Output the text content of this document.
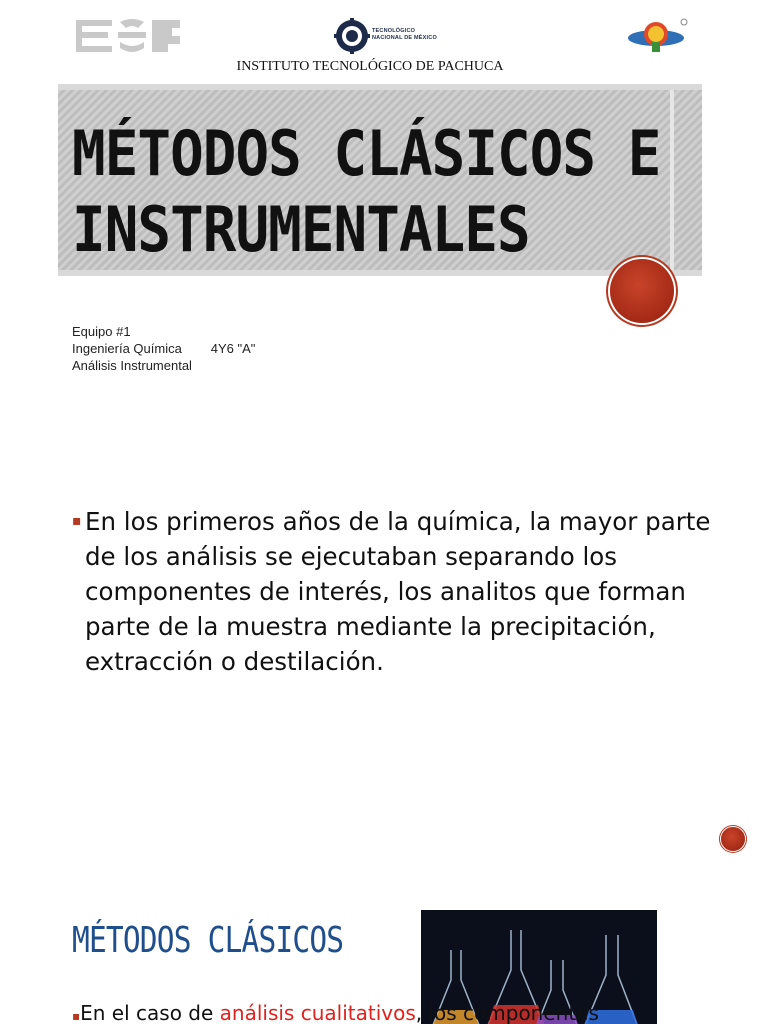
TECNOLÓGICO
NACIONAL DE MÉXICO
INSTITUTO TECNOLÓGICO DE PACHUCA
MÉTODOS CLÁSICOS E
INSTRUMENTALES
Equipo #1
Ingeniería Química        4Y6 "A"
Análisis Instrumental
▪ En los primeros años de la química, la mayor parte de los análisis se ejecutaban separando los componentes de interés, los analitos que forman parte de la muestra mediante la precipitación, extracción o destilación.
MÉTODOS CLÁSICOS
▪En el caso de análisis cualitativos, los componentes
